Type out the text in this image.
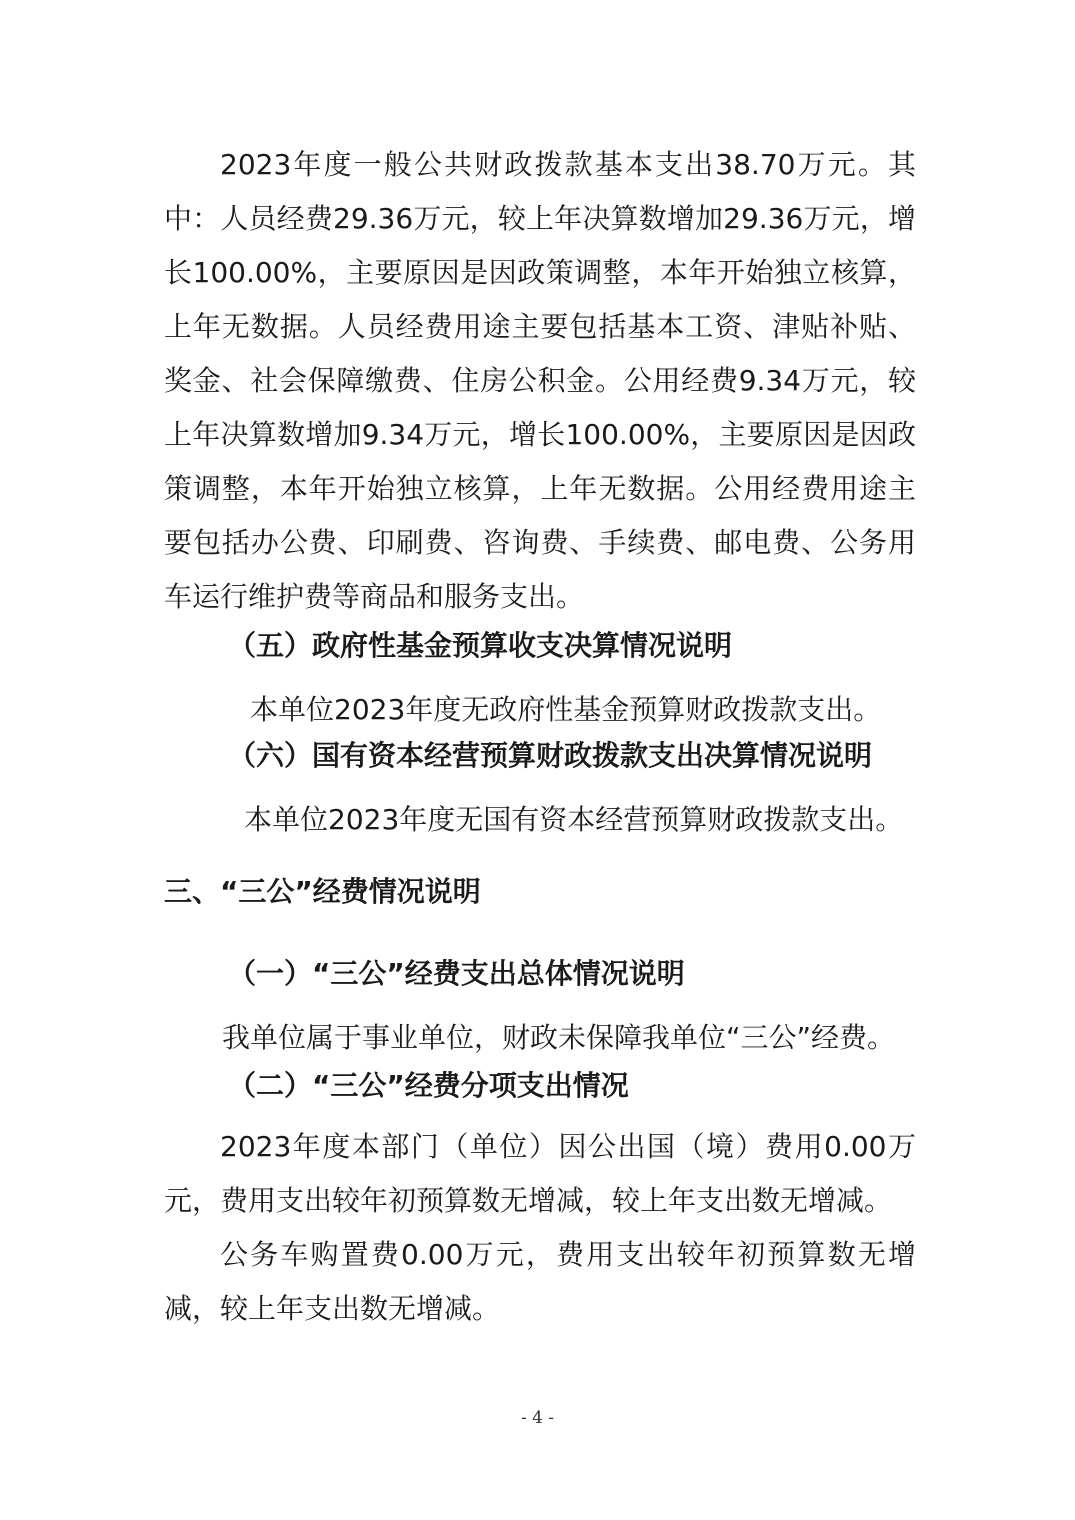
2023年度一般公共财政拨款基本支出38.70万元。其中：人员经费29.36万元，较上年决算数增加29.36万元，增长100.00%，主要原因是因政策调整，本年开始独立核算，上年无数据。人员经费用途主要包括基本工资、津贴补贴、奖金、社会保障缴费、住房公积金。公用经费9.34万元，较上年决算数增加9.34万元，增长100.00%，主要原因是因政策调整，本年开始独立核算，上年无数据。公用经费用途主要包括办公费、印刷费、咨询费、手续费、邮电费、公务用车运行维护费等商品和服务支出。

（五）政府性基金预算收支决算情况说明

本单位2023年度无政府性基金预算财政拨款支出。

（六）国有资本经营预算财政拨款支出决算情况说明

本单位2023年度无国有资本经营预算财政拨款支出。

三、“三公”经费情况说明
（一）“三公”经费支出总体情况说明

我单位属于事业单位，财政未保障我单位“三公”经费。

（二）“三公”经费分项支出情况

2023年度本部门（单位）因公出国（境）费用0.00万元，费用支出较年初预算数无增减，较上年支出数无增减。

公务车购置费0.00万元，费用支出较年初预算数无增减，较上年支出数无增减。

- 4 -
